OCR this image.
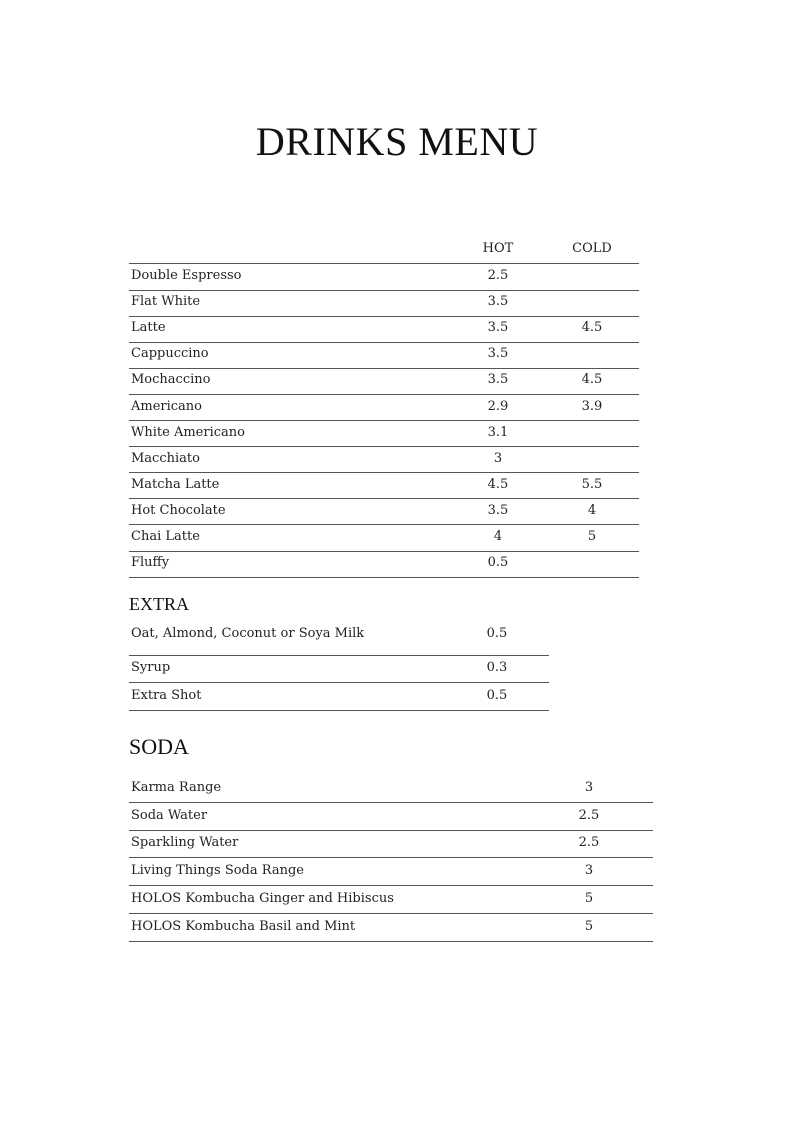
DRINKS MENU
HOT	COLD
Double Espresso	2.5
Flat White	3.5
Latte	3.5	4.5
Cappuccino	3.5
Mochaccino	3.5	4.5
Americano	2.9	3.9
White Americano	3.1
Macchiato	3
Matcha Latte	4.5	5.5
Hot Chocolate	3.5	4
Chai Latte	4	5
Fluffy	0.5
EXTRA
Oat, Almond, Coconut or Soya Milk	0.5
Syrup	0.3
Extra Shot	0.5
SODA
Karma Range	3
Soda Water	2.5
Sparkling Water	2.5
Living Things Soda Range	3
HOLOS Kombucha Ginger and Hibiscus	5
HOLOS Kombucha Basil and Mint	5
